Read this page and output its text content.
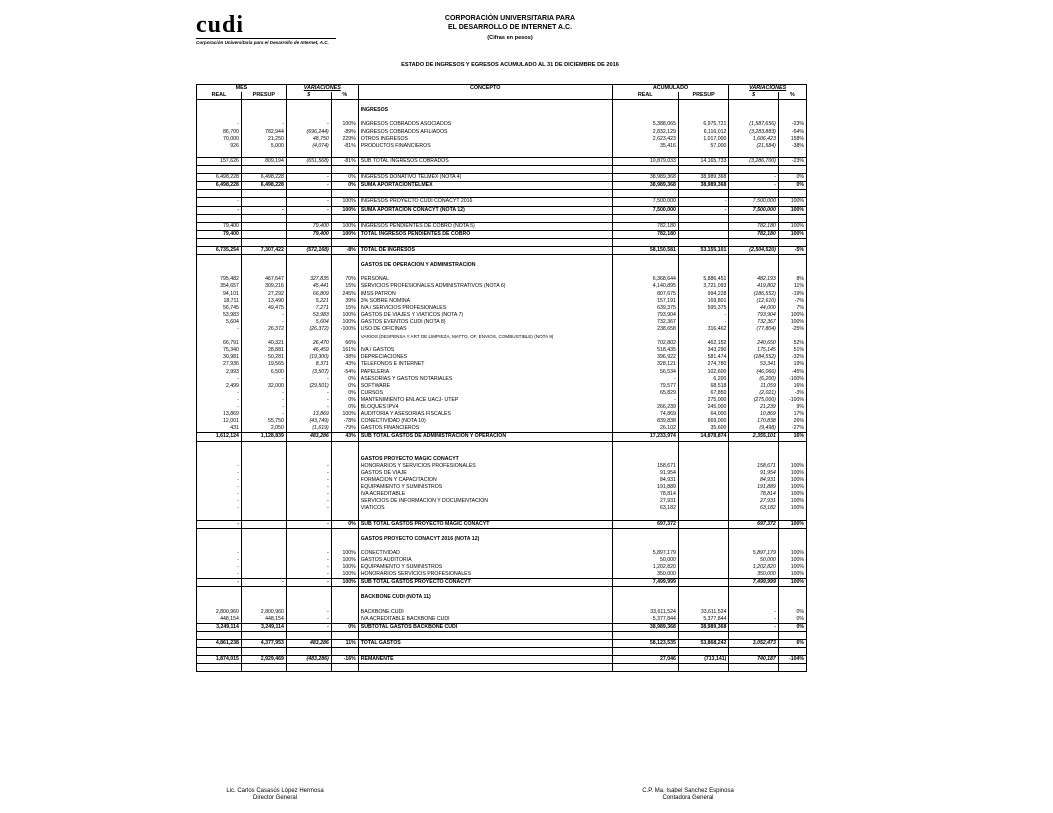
cudi
Corporación Universitaria para el Desarrollo de Internet, A.C.
CORPORACIÓN UNIVERSITARIA PARA
EL DESARROLLO DE INTERNET A.C.
(Cifras en pesos)
ESTADO DE INGRESOS Y EGRESOS ACUMULADO AL 31 DE DICIEMBRE DE 2016
MES		VARIACIONES		CONCEPTO	ACUMULADO		VARIACIONES	
REAL	PRESUP	$	%		REAL	PRESUP	$	%

				INGRESOS				

-	-	-	100%	INGRESOS COBRADOS ASOCIADOS	5,388,065	6,975,721	(1,587,656)	-23%
86,700	782,944	(696,244)	-89%	INGRESOS COBRADOS AFILIADOS	2,832,129	6,116,012	(3,283,883)	-54%
70,000	21,250	48,750	229%	OTROS INGRESOS	2,623,423	1,017,000	1,606,423	158%
926	5,000	(4,074)	-81%	PRODUCTOS FINANCIEROS	35,416	57,000	(21,584)	-38%

157,626	809,194	(651,568)	-81%	SUB TOTAL INGRESOS COBRADOS	10,879,033	14,165,733	(3,286,700)	-23%

6,498,228	6,498,228	-	0%	INGRESOS DONATIVO TELMEX (NOTA 4)	38,989,368	38,989,368	-	0%
6,498,228	6,498,228	-	0%	SUMA APORTACIONTELMEX	38,989,368	38,989,368	-	0%

-		-	100%	INGRESOS PROYECTO CUDI CONACYT 2016	7,500,000	-	7,500,000	100%
-	-	-	100%	SUMA APORTACION CONACYT (NOTA 12)	7,500,000	-	7,500,000	100%

79,400		79,400	100%	INGRESOS PENDIENTES DE COBRO (NOTA 5)	782,180		782,180	100%
79,400		79,400	100%	TOTAL INGRESOS PENDIENTES DE COBRO	782,180		782,180	100%

6,735,254	7,307,422	(572,168)	-8%	TOTAL DE INGRESOS	58,150,581	53,155,101	(2,504,520)	-5%

				GASTOS DE OPERACIÓN Y ADMINISTRACIÓN				

795,482	467,647	327,835	70%	PERSONAL	6,368,644	5,886,451	482,193	8%
354,657	309,216	45,441	15%	SERVICIOS PROFESIONALES ADMINISTRATIVOS (NOTA 6)	4,140,895	3,721,093	419,802	11%
94,101	27,292	66,809	245%	IMSS PATRÓN	807,675	994,228	(186,552)	-19%
18,711	13,490	5,221	39%	3% SOBRE NÓMINA	157,191	169,801	(12,610)	-7%
56,745	49,475	7,271	15%	IVA / SERVICIOS PROFESIONALES	639,375	595,375	44,000	7%
53,983	-	53,983	100%	GASTOS DE VIAJES Y VIATICOS (NOTA 7)	793,904	-	793,904	100%
5,604	-	5,604	100%	GASTOS EVENTOS CUDI (NOTA 8)	732,367	-	732,367	100%
-	26,372	(26,372)	-100%	USO DE OFICINAS	238,658	316,462	(77,804)	-25%
				VARIOS (DESPENSA Y ART DE LIMPIEZA, MATTO, OF, ENVIOS, COMBUSTIBLE) (NOTA 9)				
66,791	40,321	26,470	66%		702,802	462,152	240,650	52%
75,340	28,881	46,459	161%	IVA / GASTOS	518,435	343,290	175,145	51%
30,981	50,281	(19,300)	-38%	DEPRECIACIONES	396,922	581,474	(184,552)	-32%
27,936	19,565	8,371	43%	TELEFONOS E INTERNET	328,121	274,780	53,341	19%
2,993	6,500	(3,507)	-54%	PAPELERIA	56,534	102,600	(46,066)	-45%
-	-	-	0%	ASESORIAS Y GASTOS NOTARIALES	-	6,200	(6,200)	-100%
2,499	32,000	(29,501)	0%	SOFTWARE	79,577	68,518	11,059	16%
-	-	-	0%	CURSOS	65,829	67,850	(2,021)	-3%
-	-	-	0%	MANTENIMIENTO ENLACE UACJ- UTEP	-	275,000	(275,000)	-100%
-	-	-	0%	BLOQUES IPV4	266,239	245,000	21,239	9%
13,869	-	13,869	100%	AUDITORIA Y ASESORIAS FISCALES	74,869	64,000	10,869	17%
12,001	55,750	(43,749)	-78%	CONECTIVIDAD (NOTA 10)	839,838	669,000	170,838	26%
431	2,050	(1,619)	-79%	GASTOS FINANCIEROS	26,102	35,600	(9,498)	-27%
1,612,124	1,128,839	483,286	43%	SUB TOTAL GASTOS DE ADMINISTRACIÓN Y OPERACIÓN	17,233,974	14,878,874	2,355,101	16%

				GASTOS PROYECTO MAGIC CONACYT				
-		-		HONORARIOS Y SERVICIOS PROFESIONALES	158,671		158,671	100%
-		-		GASTOS DE VIAJE	91,954		91,954	100%
-		-		FORMACION Y CAPACITACION	84,931		84,931	100%
-		-		EQUIPAMIENTO Y SUMINISTROS	191,889		191,889	100%
-		-		IVA ACREDITABLE	78,814		78,814	100%
-		-		SERVICIOS DE INFORMACION Y DOCUMENTACIÓN	27,931		27,931	100%
-		-		VIATICOS	63,182		63,182	100%

-		-	0%	SUB TOTAL GASTOS PROYECTO MAGIC CONACYT	697,372		697,372	100%

				GASTOS PROYECTO CONACYT 2016 (NOTA 12)				

-		-	100%	CONECTIVIDAD	5,897,179		5,897,179	100%
-		-	100%	GASTOS AUDITORIA	50,000		50,000	100%
-		-	100%	EQUIPAMIENTO Y SUMINISTROS	1,202,820		1,202,820	100%
-		-	100%	HONORARIOS SERVICIOS PROFESIONALES	350,000		350,000	100%
-	-	-	100%	SUB TOTAL GASTOS PROYECTO CONACYT	7,499,999		7,499,999	100%

				BACKBONE CUDI (NOTA 11)				

2,800,960	2,800,960	-		BACKBONE CUDI	33,611,524	33,611,524	-	0%
448,154	448,154	-		IVA ACREDITABLE BACKBONE CUDI	5,377,844	5,377,844	-	0%
3,249,114	3,249,114	-	0%	SUBTOTAL GASTOS BACKBONE CUDI	38,989,368	38,989,368	-	0%

4,861,238	4,377,953	483,286	11%	TOTAL GASTOS	58,123,535	53,868,242	3,052,473	6%

1,874,015	2,929,469	(483,286)	-16%	REMANENTE	27,046	(713,141)	740,187	-104%

Lic. Carlos Casasús López Hermosa
Director General
C.P. Ma. Isabel Sanchez Espinosa
Contadora General
